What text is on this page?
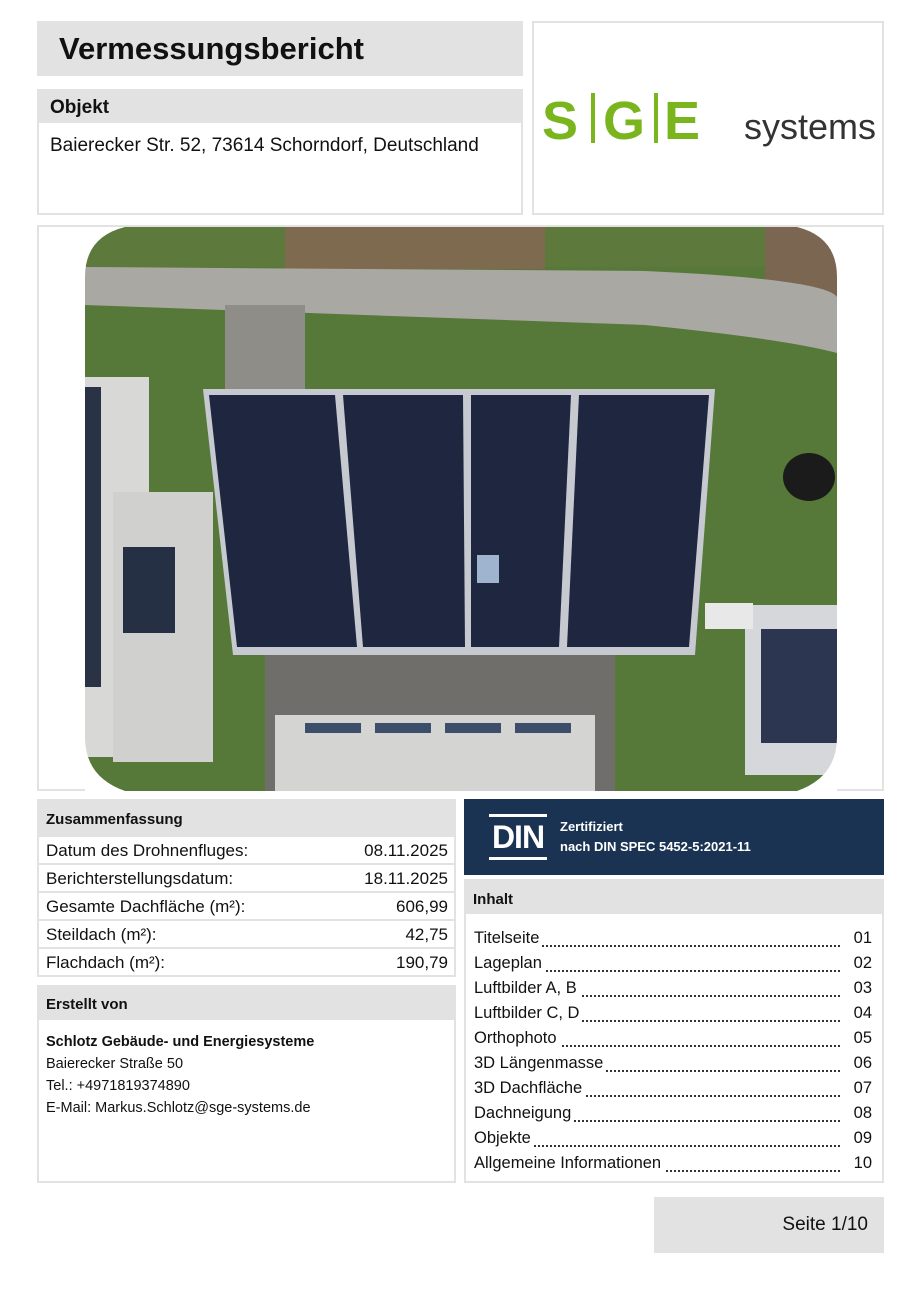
Vermessungsbericht
Objekt
Baierecker Str. 52, 73614 Schorndorf, Deutschland S G E systems
Zusammenfassung
Datum des Drohnenfluges:	08.11.2025
Berichterstellungsdatum:	18.11.2025
Gesamte Dachfläche (m²):	606,99
Steildach (m²):	42,75
Flachdach (m²):	190,79
Erstellt von
Schlotz Gebäude- und Energiesysteme
Baierecker Straße 50
Tel.: +4971819374890
E-Mail: Markus.Schlotz@sge-systems.de
DIN Zertifiziert
nach DIN SPEC 5452-5:2021-11
Inhalt
Titelseite	01
Lageplan	02
Luftbilder A, B	03
Luftbilder C, D	04
Orthophoto	05
3D Längenmasse	06
3D Dachfläche	07
Dachneigung	08
Objekte	09
Allgemeine Informationen	10
Seite 1/10
